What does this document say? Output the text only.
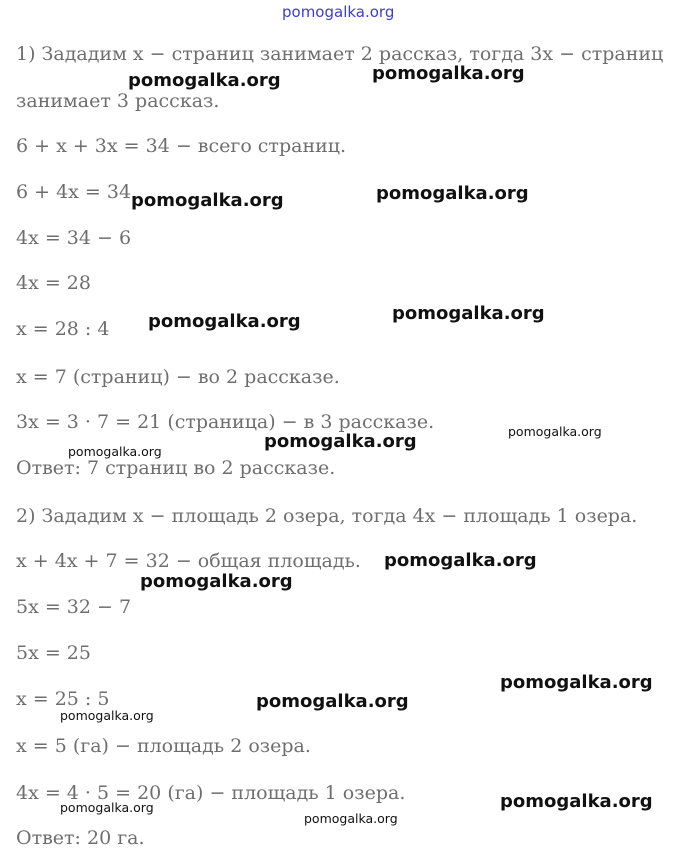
pomogalka.org
1) Зададим x − страниц занимает 2 рассказ, тогда 3x − страниц
занимает 3 рассказ.
6 + x + 3x = 34 − всего страниц.
6 + 4x = 34
4x = 34 − 6
4x = 28
x = 28 : 4
x = 7 (страниц) − во 2 рассказе.
3x = 3 · 7 = 21 (страница) − в 3 рассказе.
Ответ: 7 страниц во 2 рассказе.
2) Зададим x − площадь 2 озера, тогда 4x − площадь 1 озера.
x + 4x + 7 = 32 − общая площадь.
5x = 32 − 7
5x = 25
x = 25 : 5
x = 5 (га) − площадь 2 озера.
4x = 4 · 5 = 20 (га) − площадь 1 озера.
Ответ: 20 га.
pomogalka.org	pomogalka.org
pomogalka.org	pomogalka.org
pomogalka.org	pomogalka.org
pomogalka.org
pomogalka.org
pomogalka.org
pomogalka.org
pomogalka.org
pomogalka.org
pomogalka.org
pomogalka.org
pomogalka.org
pomogalka.org
pomogalka.org
